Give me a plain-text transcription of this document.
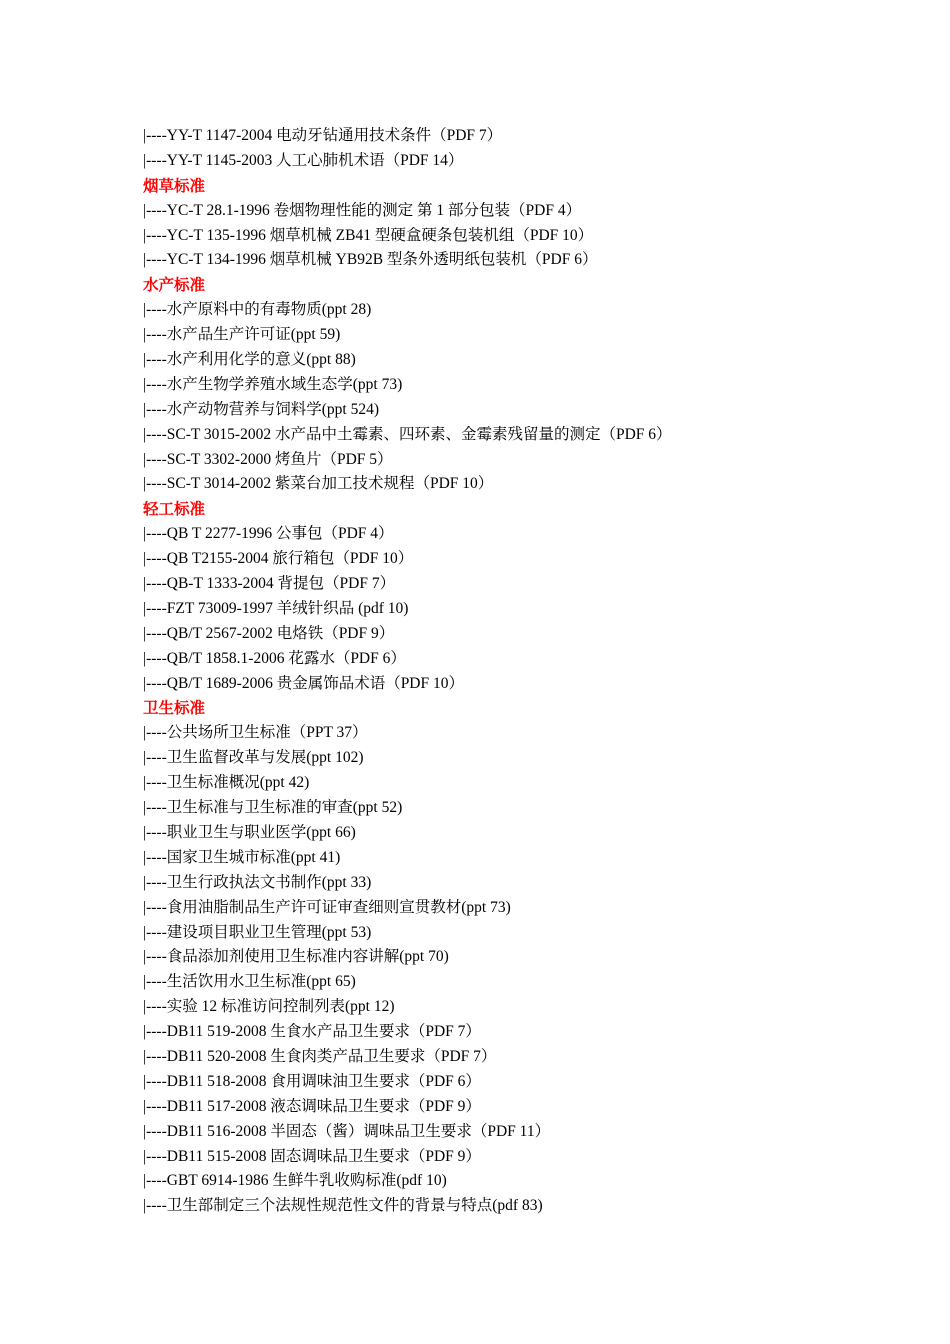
|----YY-T 1147-2004 电动牙钻通用技术条件（PDF 7）
|----YY-T 1145-2003 人工心肺机术语（PDF 14）
烟草标准
|----YC-T 28.1-1996 卷烟物理性能的测定 第 1 部分包装（PDF 4）
|----YC-T 135-1996 烟草机械 ZB41 型硬盒硬条包装机组（PDF 10）
|----YC-T 134-1996 烟草机械 YB92B 型条外透明纸包装机（PDF 6）
水产标准
|----水产原料中的有毒物质(ppt 28)
|----水产品生产许可证(ppt 59)
|----水产利用化学的意义(ppt 88)
|----水产生物学养殖水域生态学(ppt 73)
|----水产动物营养与饲料学(ppt 524)
|----SC-T 3015-2002 水产品中土霉素、四环素、金霉素残留量的测定（PDF 6）
|----SC-T 3302-2000 烤鱼片（PDF 5）
|----SC-T 3014-2002 紫菜台加工技术规程（PDF 10）
轻工标准
|----QB T 2277-1996 公事包（PDF 4）
|----QB T2155-2004 旅行箱包（PDF 10）
|----QB-T 1333-2004 背提包（PDF 7）
|----FZT 73009-1997 羊绒针织品 (pdf 10)
|----QB/T 2567-2002 电烙铁（PDF 9）
|----QB/T 1858.1-2006 花露水（PDF 6）
|----QB/T 1689-2006 贵金属饰品术语（PDF 10）
卫生标准
|----公共场所卫生标准（PPT 37）
|----卫生监督改革与发展(ppt 102)
|----卫生标准概况(ppt 42)
|----卫生标准与卫生标准的审查(ppt 52)
|----职业卫生与职业医学(ppt 66)
|----国家卫生城市标准(ppt 41)
|----卫生行政执法文书制作(ppt 33)
|----食用油脂制品生产许可证审查细则宣贯教材(ppt 73)
|----建设项目职业卫生管理(ppt 53)
|----食品添加剂使用卫生标准内容讲解(ppt 70)
|----生活饮用水卫生标准(ppt 65)
|----实验 12 标准访问控制列表(ppt 12)
|----DB11 519-2008 生食水产品卫生要求（PDF 7）
|----DB11 520-2008 生食肉类产品卫生要求（PDF 7）
|----DB11 518-2008 食用调味油卫生要求（PDF 6）
|----DB11 517-2008 液态调味品卫生要求（PDF 9）
|----DB11 516-2008 半固态（酱）调味品卫生要求（PDF 11）
|----DB11 515-2008 固态调味品卫生要求（PDF 9）
|----GBT 6914-1986 生鲜牛乳收购标准(pdf 10)
|----卫生部制定三个法规性规范性文件的背景与特点(pdf 83)
